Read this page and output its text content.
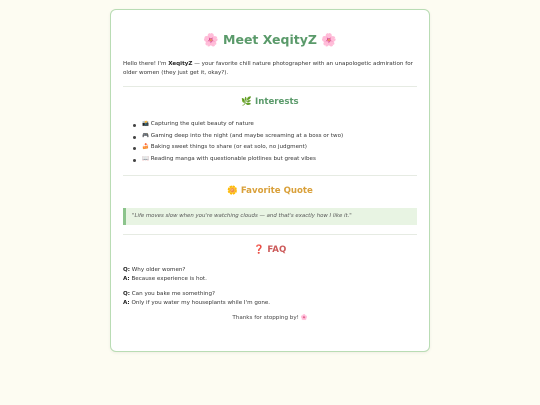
🌸 Meet XeqityZ 🌸

Hello there! I'm XeqityZ — your favorite chill nature photographer with an unapologetic admiration for older women (they just get it, okay?).

🌿 Interests
📸 Capturing the quiet beauty of nature
🎮 Gaming deep into the night (and maybe screaming at a boss or two)
🍰 Baking sweet things to share (or eat solo, no judgment)
📖 Reading manga with questionable plotlines but great vibes
🌼 Favorite Quote
"Life moves slow when you're watching clouds — and that's exactly how I like it."
❓ FAQ
Q: Why older women?
A: Because experience is hot.
Q: Can you bake me something?
A: Only if you water my houseplants while I'm gone.
Thanks for stopping by! 🌸
